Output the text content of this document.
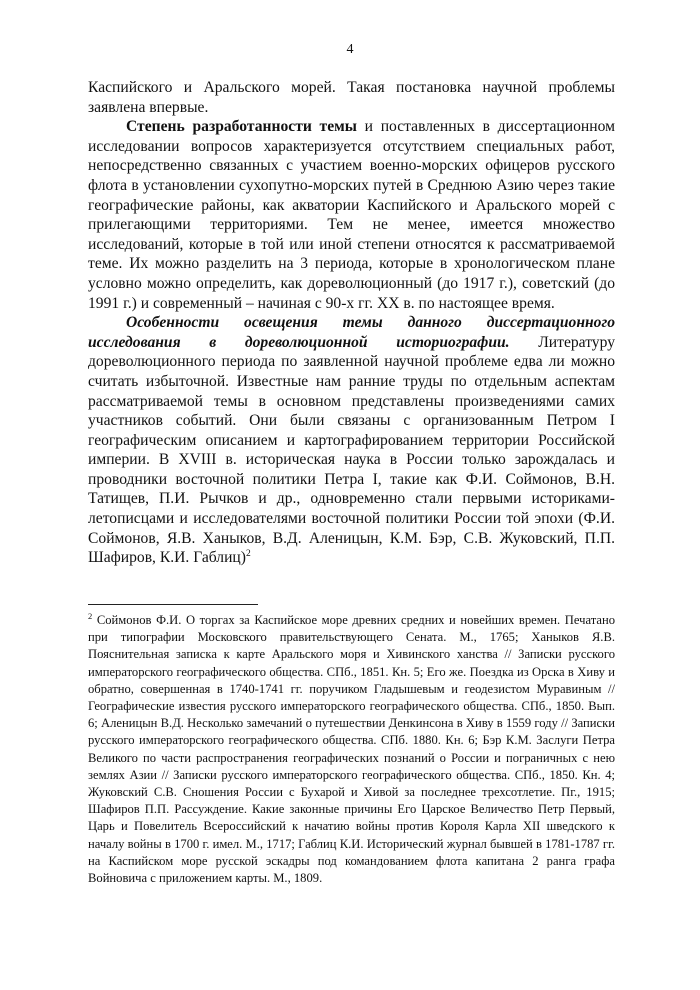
4

Каспийского и Аральского морей. Такая постановка научной проблемы заявлена впервые.

Степень разработанности темы и поставленных в диссертационном исследовании вопросов характеризуется отсутствием специальных работ, непосредственно связанных с участием военно-морских офицеров русского флота в установлении сухопутно-морских путей в Среднюю Азию через такие географические районы, как акватории Каспийского и Аральского морей с прилегающими территориями. Тем не менее, имеется множество исследований, которые в той или иной степени относятся к рассматриваемой теме. Их можно разделить на 3 периода, которые в хронологическом плане условно можно определить, как дореволюционный (до 1917 г.), советский (до 1991 г.) и современный – начиная с 90-х гг. XX в. по настоящее время.

Особенности освещения темы данного диссертационного исследования в дореволюционной историографии. Литературу дореволюционного периода по заявленной научной проблеме едва ли можно считать избыточной. Известные нам ранние труды по отдельным аспектам рассматриваемой темы в основном представлены произведениями самих участников событий. Они были связаны с организованным Петром I географическим описанием и картографированием территории Российской империи. В XVIII в. историческая наука в России только зарождалась и проводники восточной политики Петра I, такие как Ф.И. Соймонов, В.Н. Татищев, П.И. Рычков и др., одновременно стали первыми историками-летописцами и исследователями восточной политики России той эпохи (Ф.И. Соймонов, Я.В. Ханыков, В.Д. Аленицын, К.М. Бэр, С.В. Жуковский, П.П. Шафиров, К.И. Габлиц)$^2$

$^2$ Соймонов Ф.И. О торгах за Каспийское море древних средних и новейших времен. Печатано при типографии Московского правительствующего Сената. М., 1765; Ханыков Я.В. Пояснительная записка к карте Аральского моря и Хивинского ханства // Записки русского императорского географического общества. СПб., 1851. Кн. 5; Его же. Поездка из Орска в Хиву и обратно, совершенная в 1740-1741 гг. поручиком Гладышевым и геодезистом Муравиным // Географические известия русского императорского географического общества. СПб., 1850. Вып. 6; Аленицын В.Д. Несколько замечаний о путешествии Денкинсона в Хиву в 1559 году // Записки русского императорского географического общества. СПб. 1880. Кн. 6; Бэр К.М. Заслуги Петра Великого по части распространения географических познаний о России и пограничных с нею землях Азии // Записки русского императорского географического общества. СПб., 1850. Кн. 4; Жуковский С.В. Сношения России с Бухарой и Хивой за последнее трехсотлетие. Пг., 1915; Шафиров П.П. Рассуждение. Какие законные причины Его Царское Величество Петр Первый, Царь и Повелитель Всероссийский к начатию войны против Короля Карла XII шведского к началу войны в 1700 г. имел. М., 1717; Габлиц К.И. Исторический журнал бывшей в 1781-1787 гг. на Каспийском море русской эскадры под командованием флота капитана 2 ранга графа Войновича с приложением карты. М., 1809.
